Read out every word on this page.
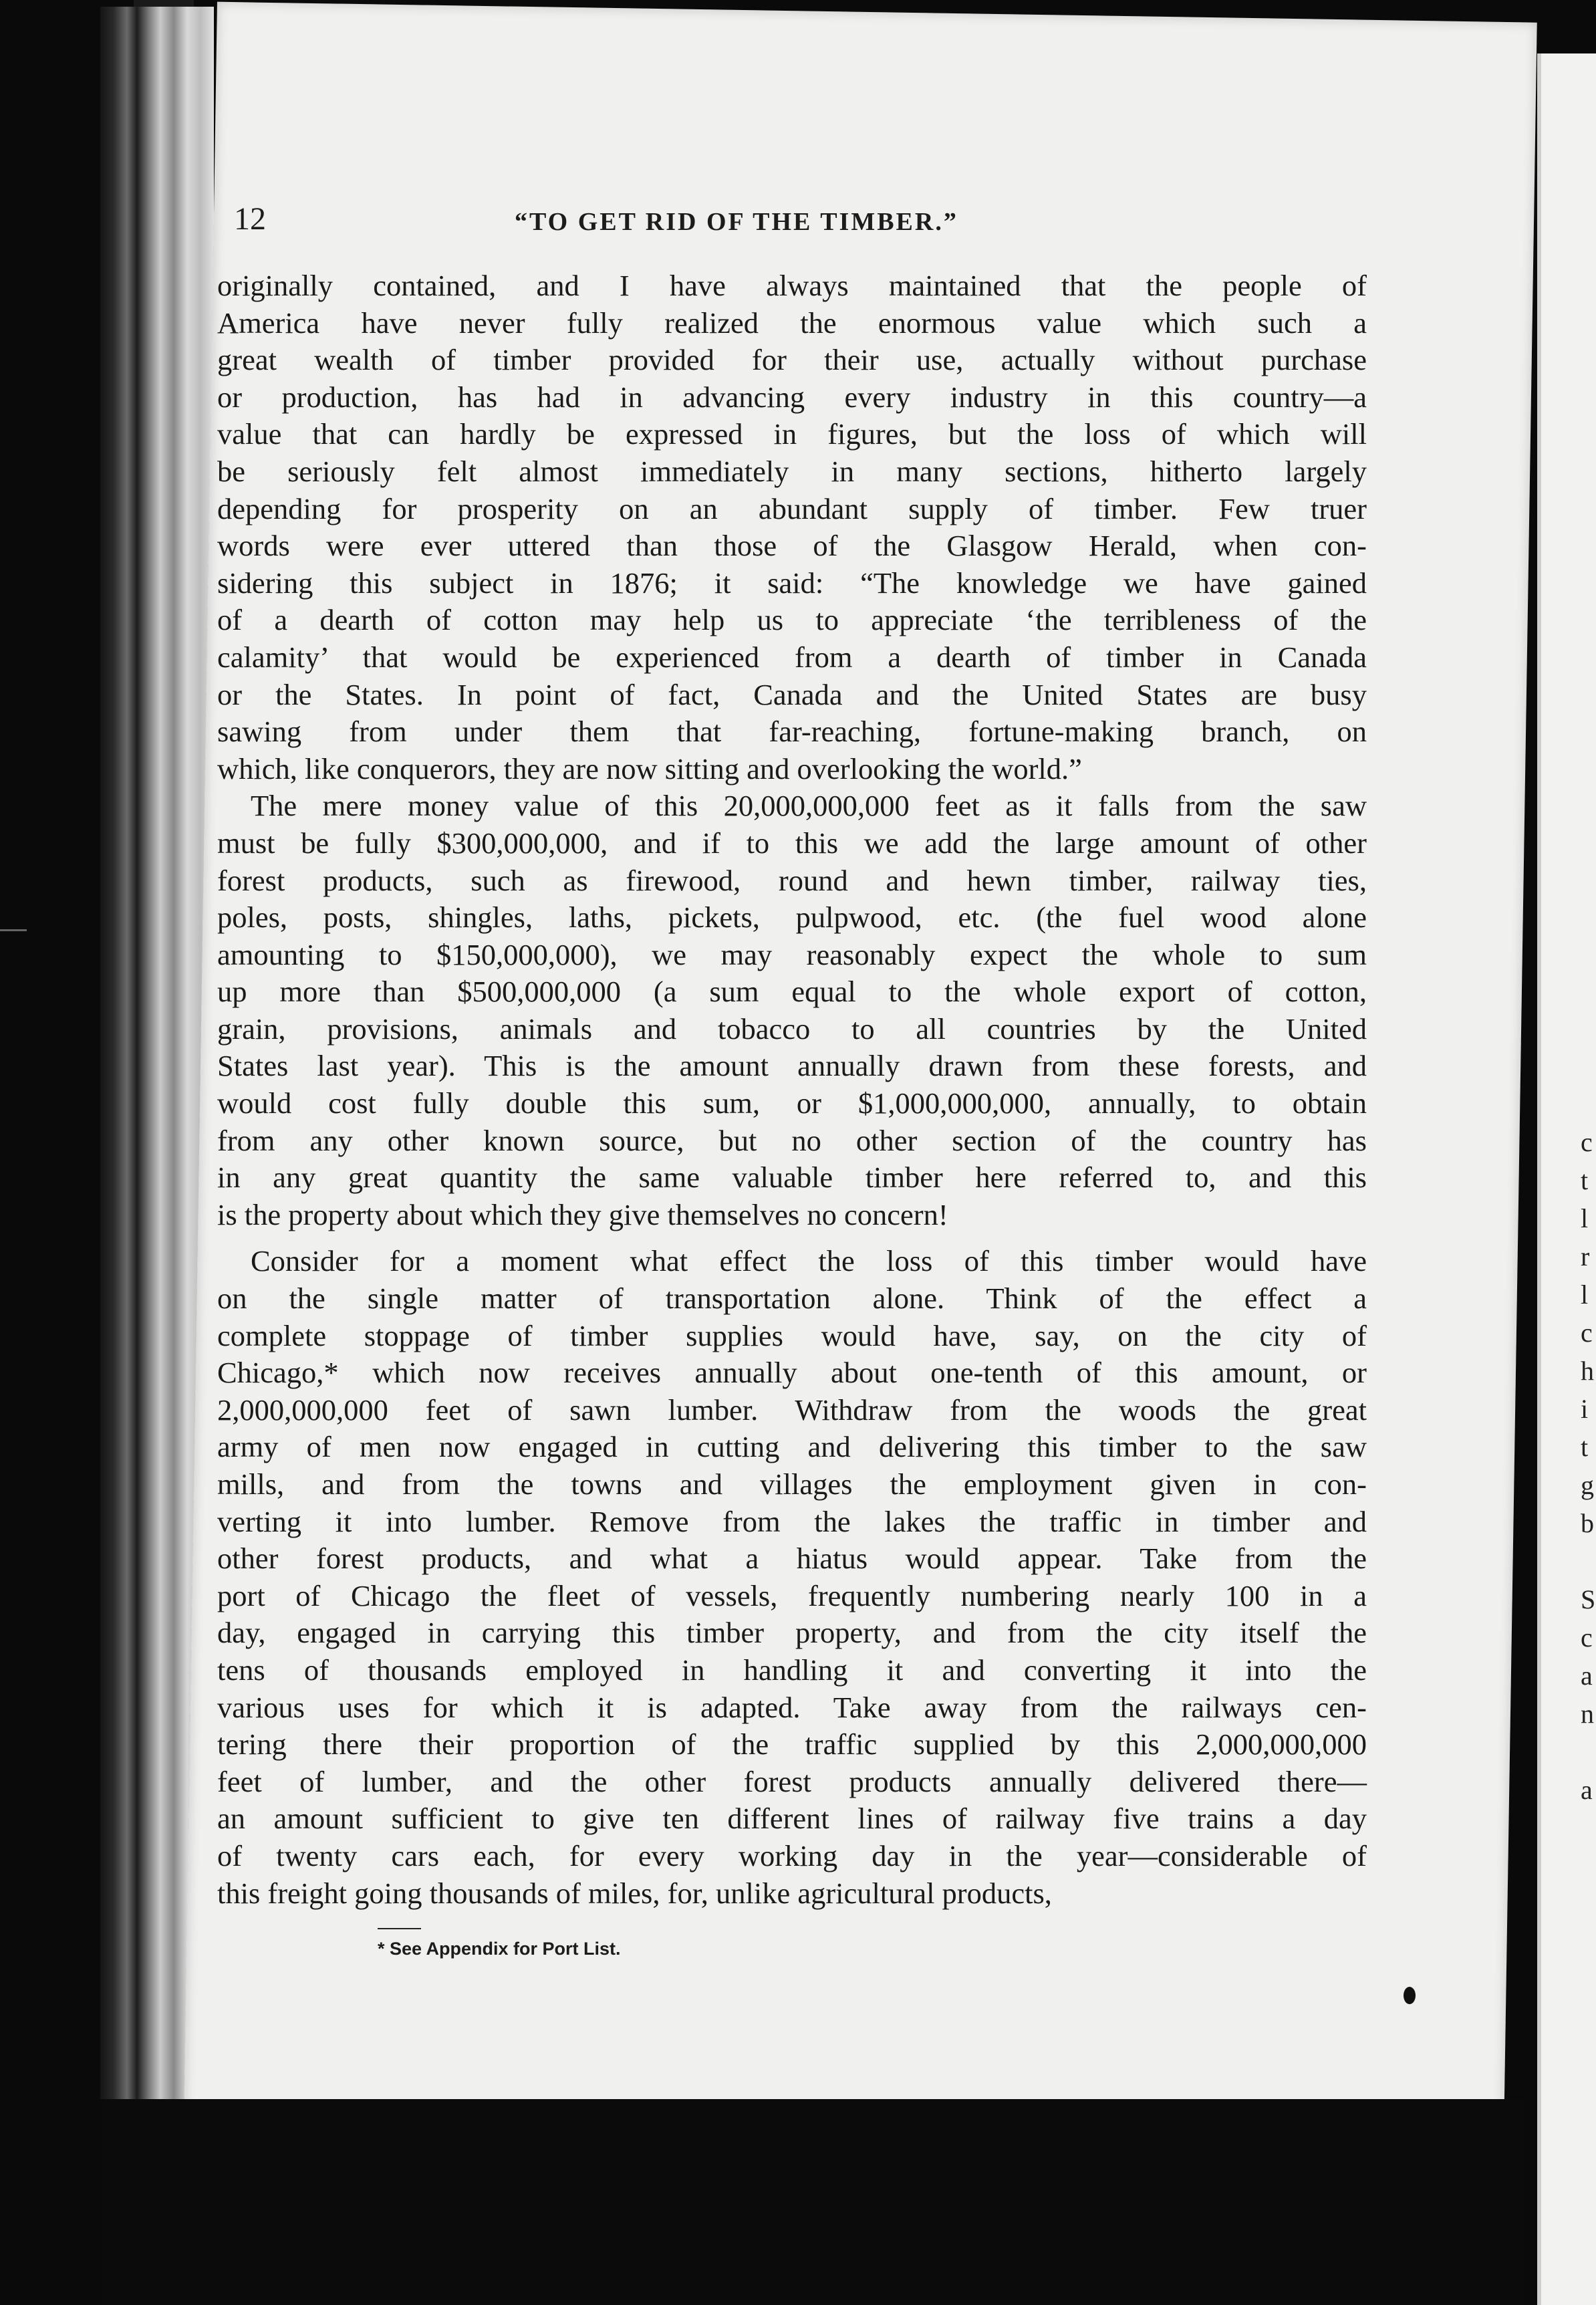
c
t
l
r
l
c
h
i
t
g
b
S
c
a
n
a
12	“TO GET RID OF THE TIMBER.”
originally contained, and I have always maintained that the people of
America have never fully realized the enormous value which such a
great wealth of timber provided for their use, actually without purchase
or production, has had in advancing every industry in this country—a
value that can hardly be expressed in figures, but the loss of which will
be seriously felt almost immediately in many sections, hitherto largely
depending for prosperity on an abundant supply of timber. Few truer
words were ever uttered than those of the Glasgow Herald, when con-
sidering this subject in 1876; it said: “The knowledge we have gained
of a dearth of cotton may help us to appreciate ‘the terribleness of the
calamity’ that would be experienced from a dearth of timber in Canada
or the States. In point of fact, Canada and the United States are busy
sawing from under them that far-reaching, fortune-making branch, on
which, like conquerors, they are now sitting and overlooking the world.”
The mere money value of this 20,000,000,000 feet as it falls from the saw
must be fully $300,000,000, and if to this we add the large amount of other
forest products, such as firewood, round and hewn timber, railway ties,
poles, posts, shingles, laths, pickets, pulpwood, etc. (the fuel wood alone
amounting to $150,000,000), we may reasonably expect the whole to sum
up more than $500,000,000 (a sum equal to the whole export of cotton,
grain, provisions, animals and tobacco to all countries by the United
States last year). This is the amount annually drawn from these forests, and
would cost fully double this sum, or $1,000,000,000, annually, to obtain
from any other known source, but no other section of the country has
in any great quantity the same valuable timber here referred to, and this
is the property about which they give themselves no concern!
Consider for a moment what effect the loss of this timber would have
on the single matter of transportation alone. Think of the effect a
complete stoppage of timber supplies would have, say, on the city of
Chicago,* which now receives annually about one-tenth of this amount, or
2,000,000,000 feet of sawn lumber. Withdraw from the woods the great
army of men now engaged in cutting and delivering this timber to the saw
mills, and from the towns and villages the employment given in con-
verting it into lumber. Remove from the lakes the traffic in timber and
other forest products, and what a hiatus would appear. Take from the
port of Chicago the fleet of vessels, frequently numbering nearly 100 in a
day, engaged in carrying this timber property, and from the city itself the
tens of thousands employed in handling it and converting it into the
various uses for which it is adapted. Take away from the railways cen-
tering there their proportion of the traffic supplied by this 2,000,000,000
feet of lumber, and the other forest products annually delivered there—
an amount sufficient to give ten different lines of railway five trains a day
of twenty cars each, for every working day in the year—considerable of
this freight going thousands of miles, for, unlike agricultural products,
* See Appendix for Port List.
